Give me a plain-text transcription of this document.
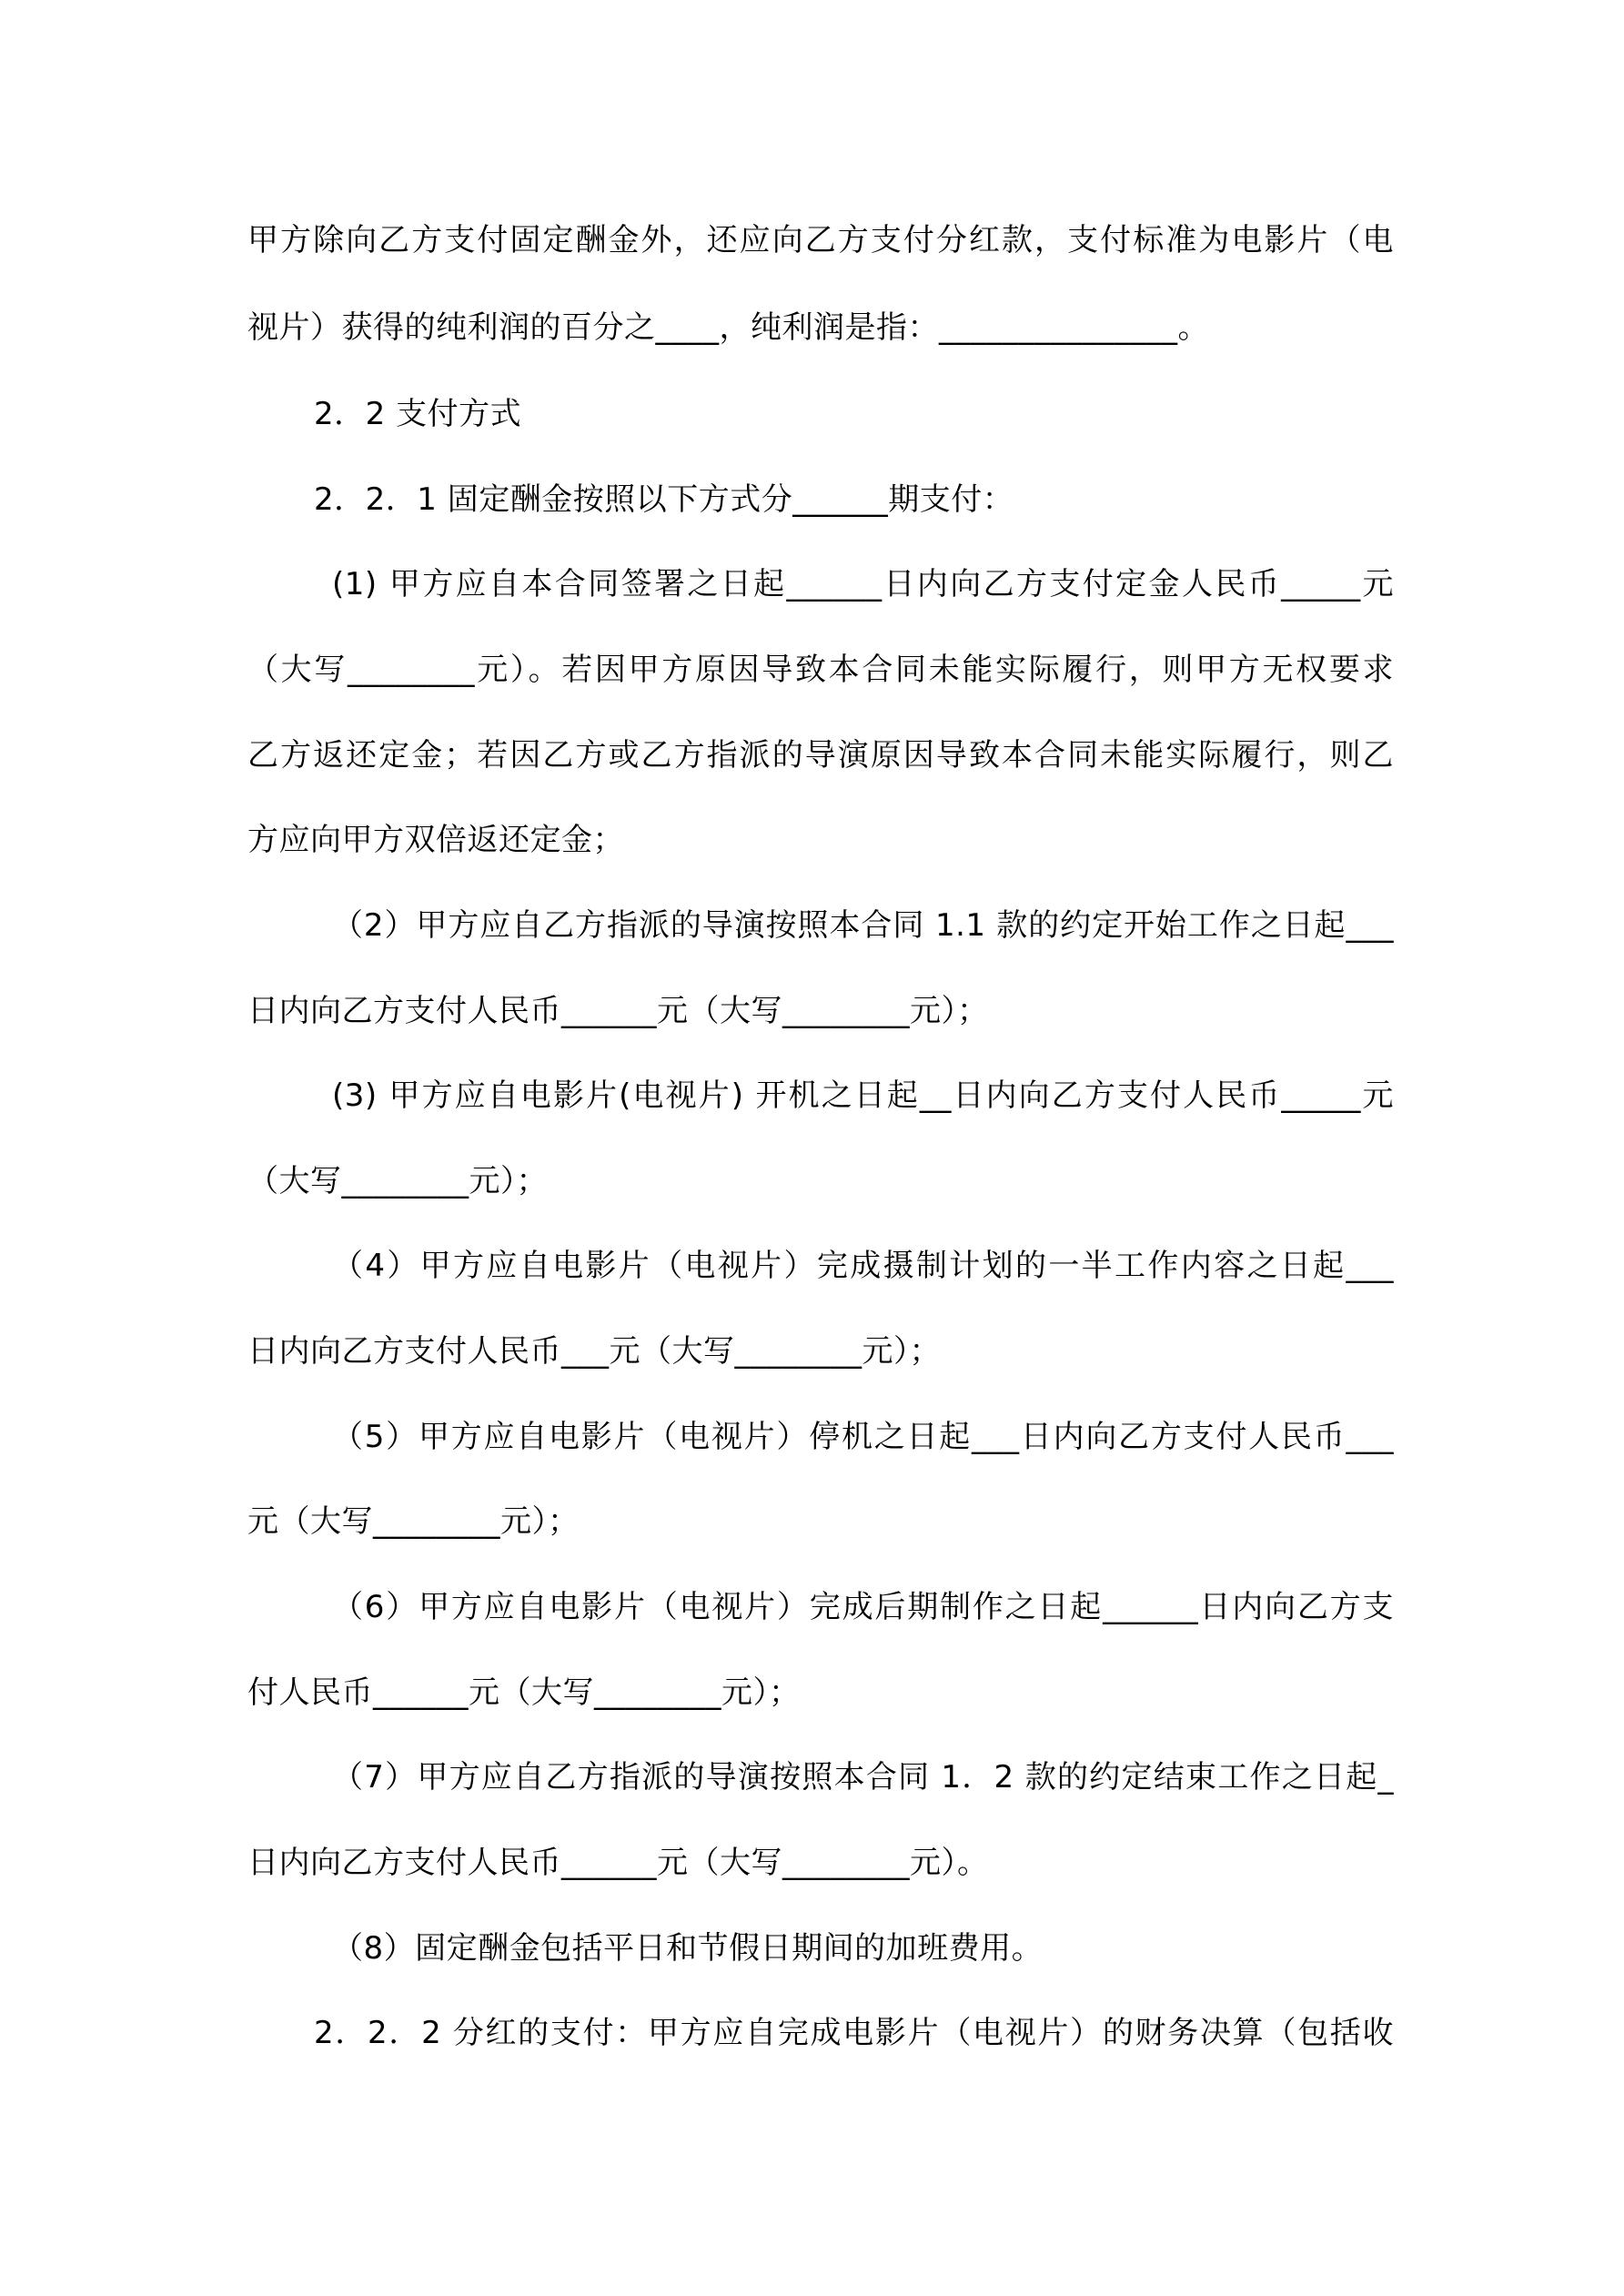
甲方除向乙方支付固定酬金外，还应向乙方支付分红款，支付标准为电影片（电
视片）获得的纯利润的百分之____，纯利润是指：_______________。
2．2 支付方式
2．2．1 固定酬金按照以下方式分______期支付：
(1) 甲方应自本合同签署之日起______日内向乙方支付定金人民币_____元
（大写________元）。若因甲方原因导致本合同未能实际履行，则甲方无权要求
乙方返还定金；若因乙方或乙方指派的导演原因导致本合同未能实际履行，则乙
方应向甲方双倍返还定金；
（2）甲方应自乙方指派的导演按照本合同 1.1 款的约定开始工作之日起___
日内向乙方支付人民币______元（大写________元）；
(3) 甲方应自电影片(电视片) 开机之日起__日内向乙方支付人民币_____元
（大写________元）；
（4）甲方应自电影片（电视片）完成摄制计划的一半工作内容之日起___
日内向乙方支付人民币___元（大写________元）；
（5）甲方应自电影片（电视片）停机之日起___日内向乙方支付人民币___
元（大写________元）；
（6）甲方应自电影片（电视片）完成后期制作之日起______日内向乙方支
付人民币______元（大写________元）；
（7）甲方应自乙方指派的导演按照本合同 1．2 款的约定结束工作之日起_
日内向乙方支付人民币______元（大写________元）。
（8）固定酬金包括平日和节假日期间的加班费用。
2．2．2 分红的支付：甲方应自完成电影片（电视片）的财务决算（包括收
